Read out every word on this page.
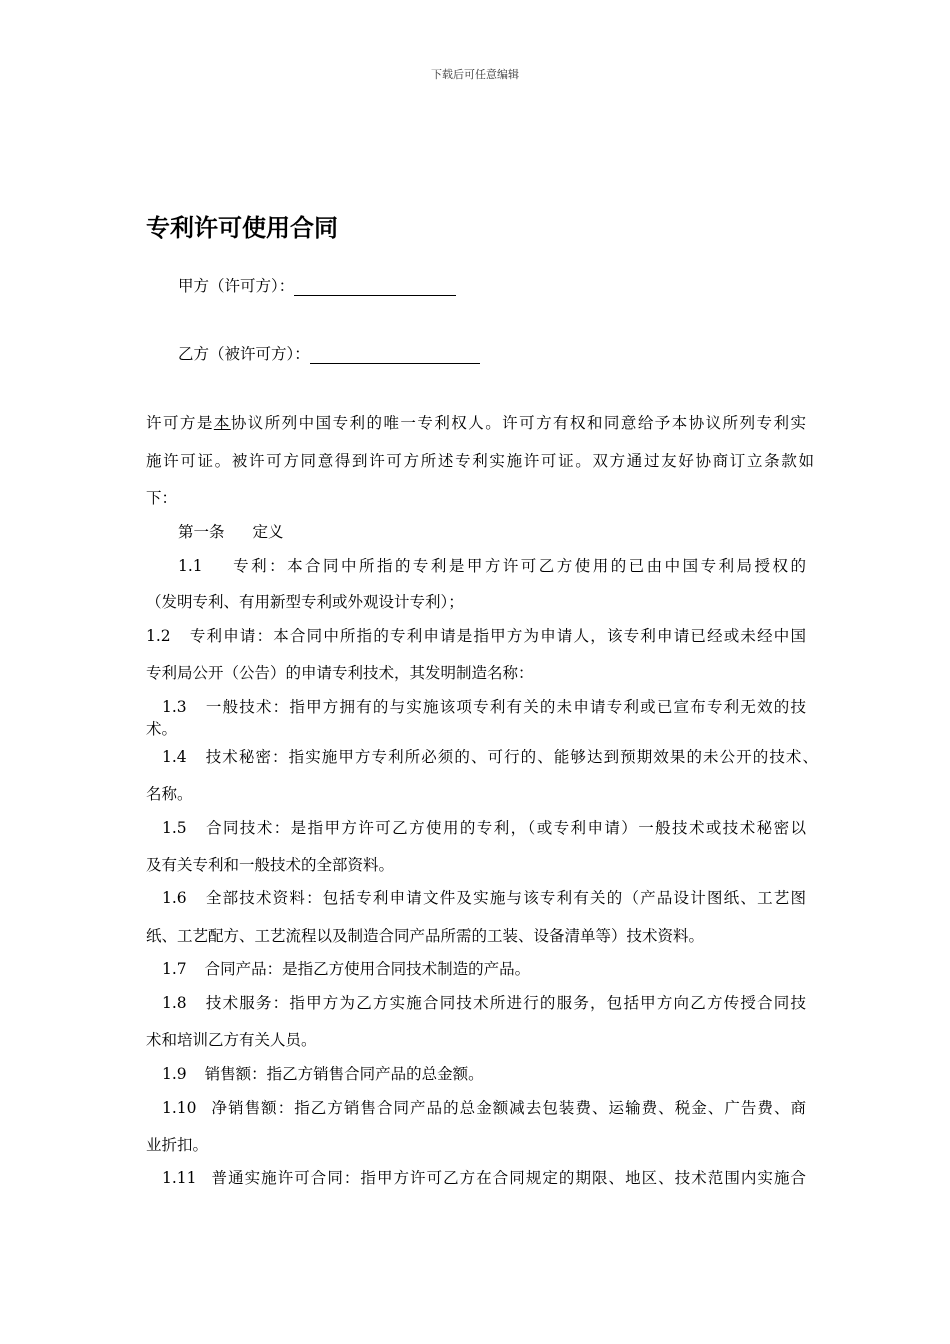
下载后可任意编辑
专利许可使用合同
甲方（许可方）：
乙方（被许可方）：
许可方是本协议所列中国专利的唯一专利权人。许可方有权和同意给予本协议所列专利实
施许可证。被许可方同意得到许可方所述专利实施许可证。双方通过友好协商订立条款如
下：
第一条 定义
1.1 专利：本合同中所指的专利是甲方许可乙方使用的已由中国专利局授权的
（发明专利、有用新型专利或外观设计专利）；
1.2 专利申请：本合同中所指的专利申请是指甲方为申请人，该专利申请已经或未经中国
专利局公开（公告）的申请专利技术，其发明制造名称：
1.3 一般技术：指甲方拥有的与实施该项专利有关的未申请专利或已宣布专利无效的技
术。
1.4 技术秘密：指实施甲方专利所必须的、可行的、能够达到预期效果的未公开的技术、
名称。
1.5 合同技术：是指甲方许可乙方使用的专利，（或专利申请）一般技术或技术秘密以
及有关专利和一般技术的全部资料。
1.6 全部技术资料：包括专利申请文件及实施与该专利有关的（产品设计图纸、工艺图
纸、工艺配方、工艺流程以及制造合同产品所需的工装、设备清单等）技术资料。
1.7 合同产品：是指乙方使用合同技术制造的产品。
1.8 技术服务：指甲方为乙方实施合同技术所进行的服务，包括甲方向乙方传授合同技
术和培训乙方有关人员。
1.9 销售额：指乙方销售合同产品的总金额。
1.10 净销售额：指乙方销售合同产品的总金额减去包装费、运输费、税金、广告费、商
业折扣。
1.11 普通实施许可合同：指甲方许可乙方在合同规定的期限、地区、技术范围内实施合
